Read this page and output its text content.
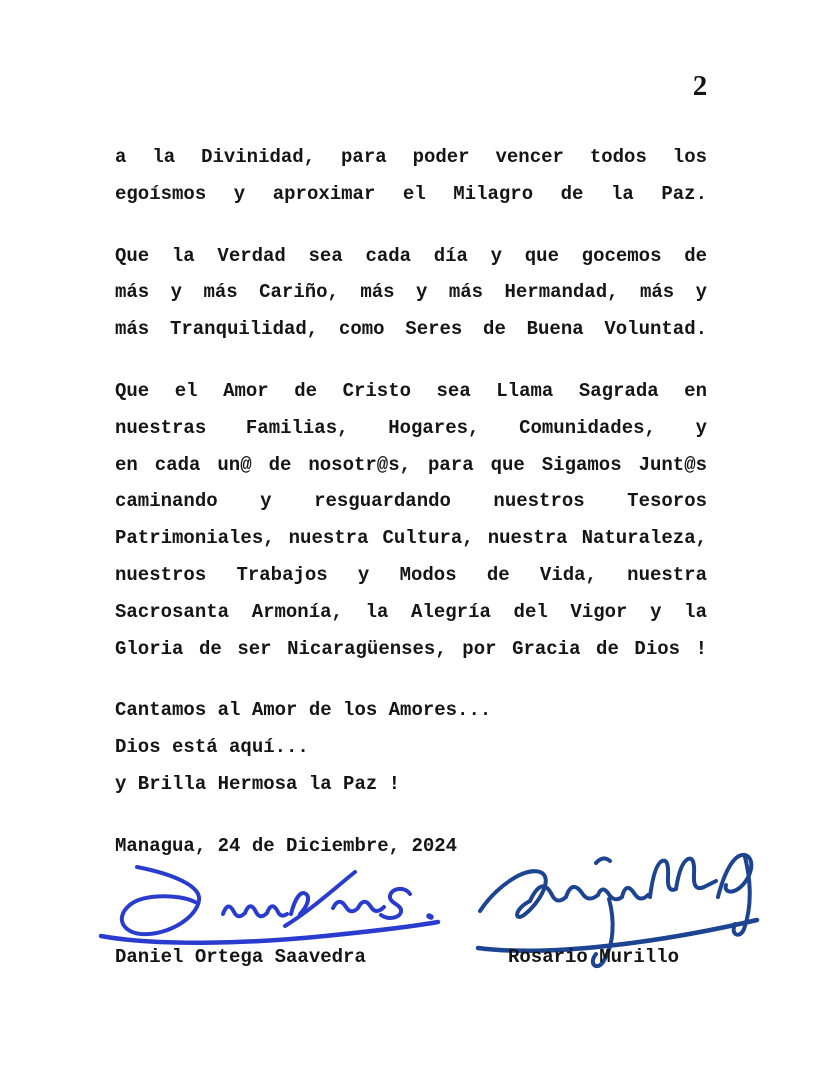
2
a la Divinidad, para poder vencer todos los
egoísmos y aproximar el Milagro de la Paz.
Que la Verdad sea cada día y que gocemos de
más y más Cariño, más y más Hermandad, más y
más Tranquilidad, como Seres de Buena Voluntad.
Que el Amor de Cristo sea Llama Sagrada en
nuestras Familias, Hogares, Comunidades, y
en cada un@ de nosotr@s, para que Sigamos Junt@s
caminando y resguardando nuestros Tesoros
Patrimoniales, nuestra Cultura, nuestra Naturaleza,
nuestros Trabajos y Modos de Vida, nuestra
Sacrosanta Armonía, la Alegría del Vigor y la
Gloria de ser Nicaragüenses, por Gracia de Dios !
Cantamos al Amor de los Amores...
Dios está aquí...
y Brilla Hermosa la Paz !
Managua, 24 de Diciembre, 2024
Daniel Ortega Saavedra	Rosario Murillo
